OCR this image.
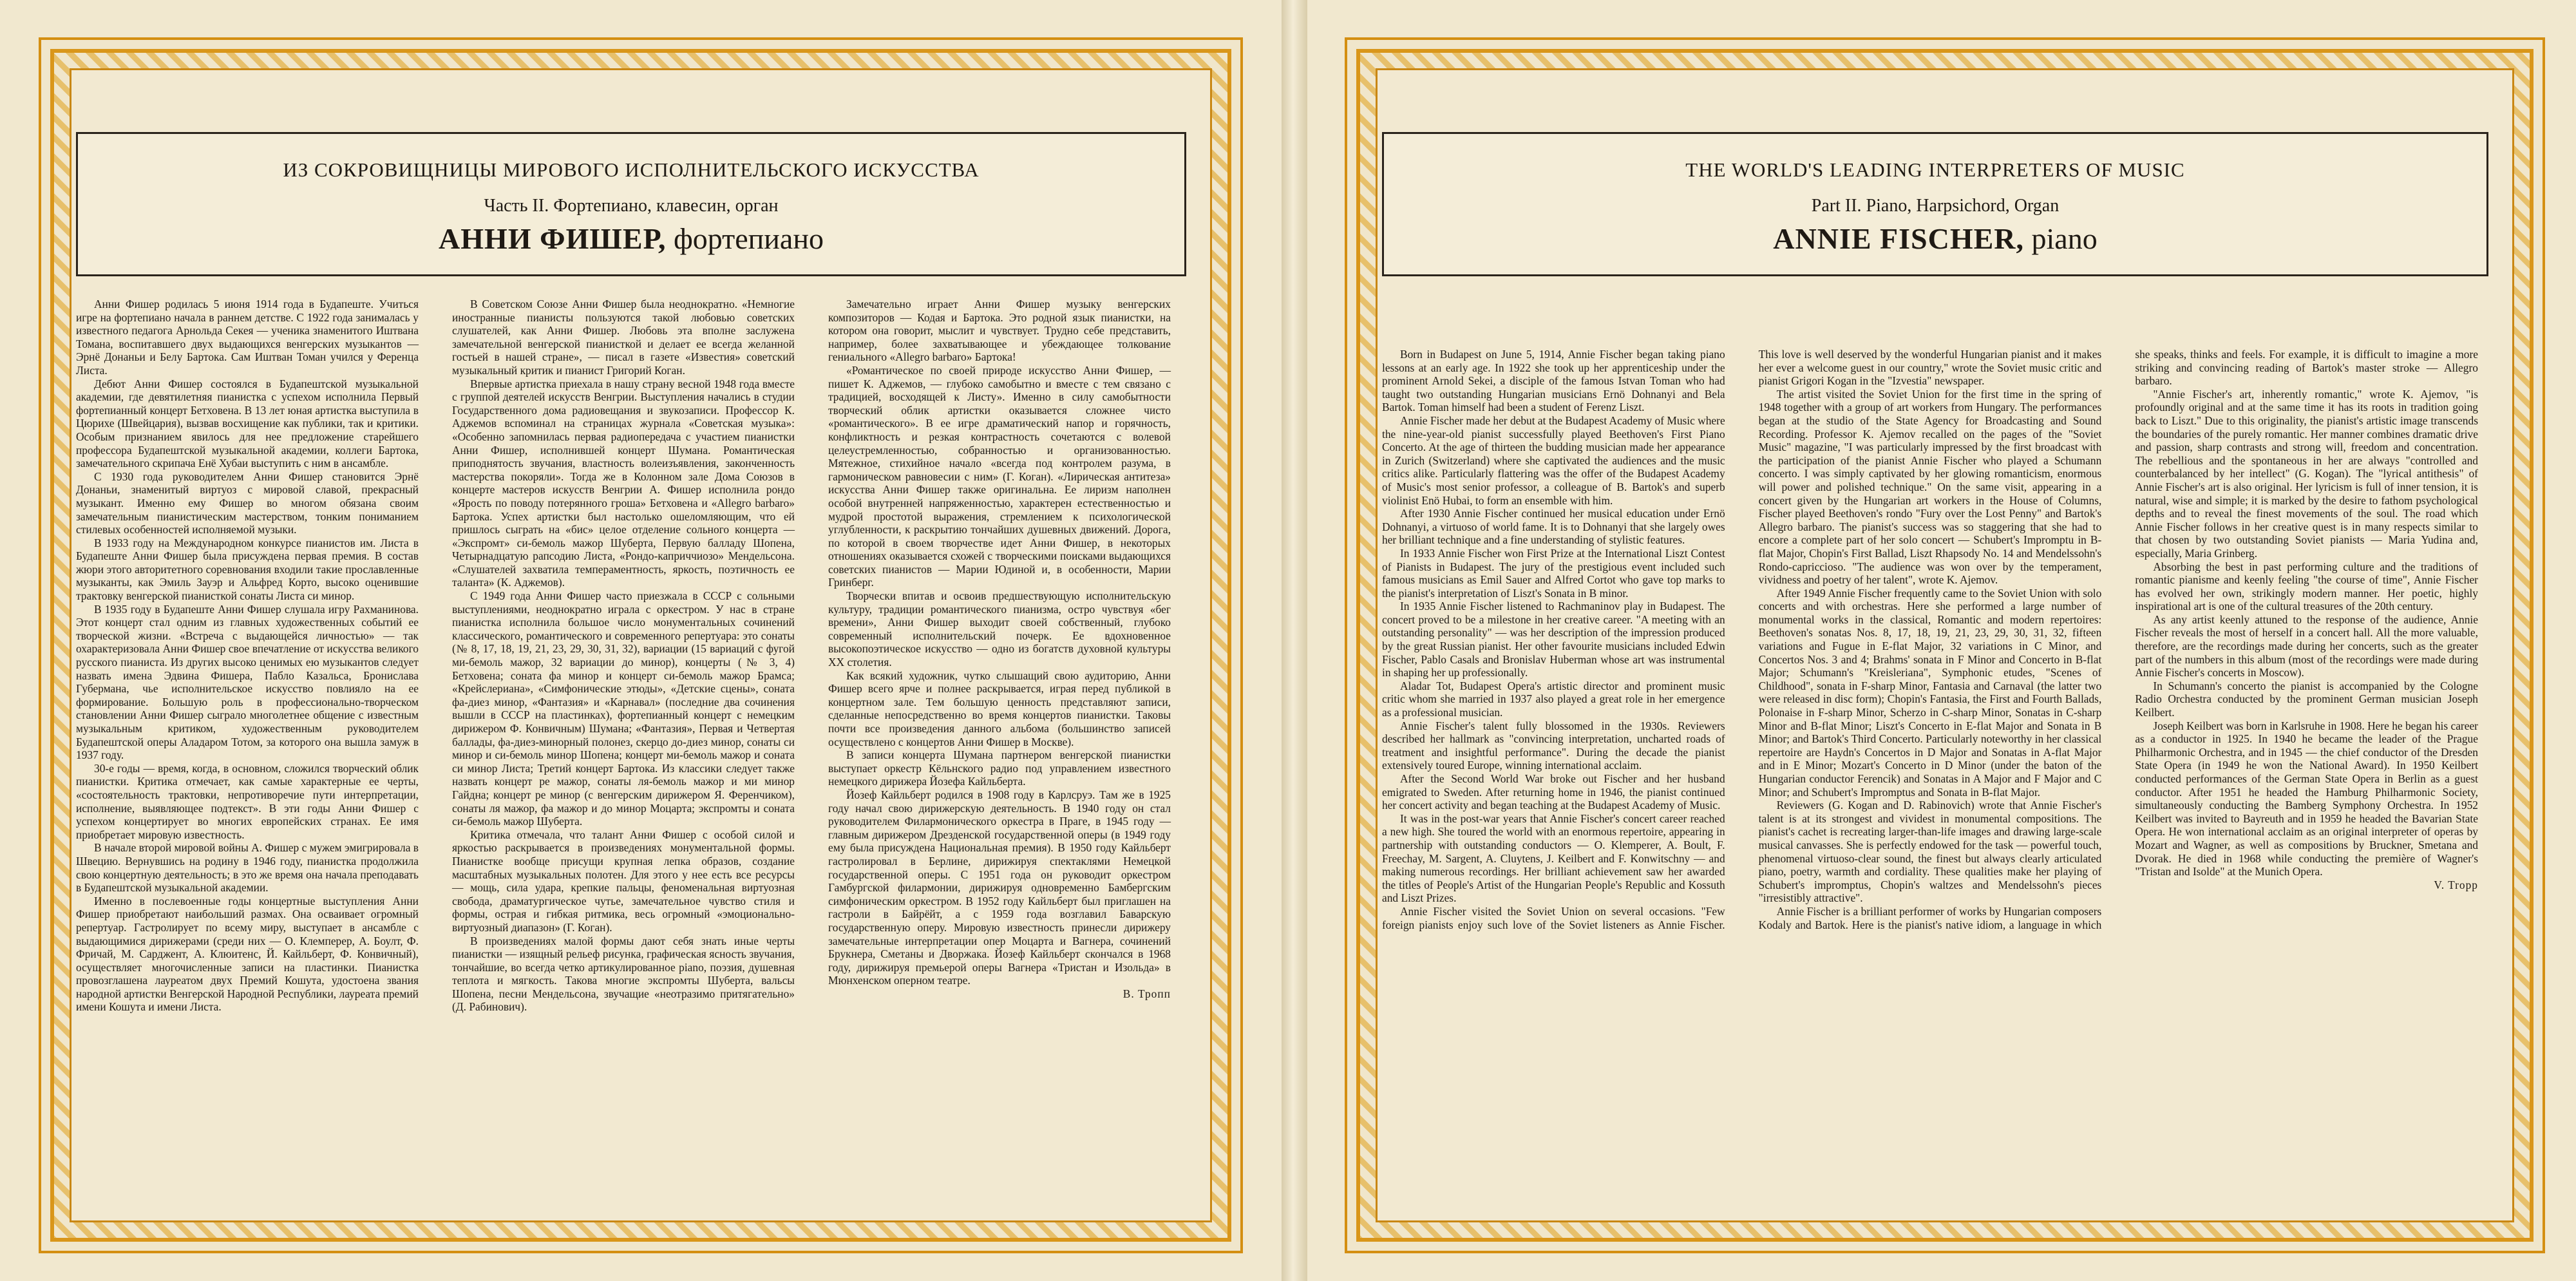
ИЗ СОКРОВИЩНИЦЫ МИРОВОГО ИСПОЛНИТЕЛЬСКОГО ИСКУССТВА
Часть II. Фортепиано, клавесин, орган
АННИ ФИШЕР, фортепиано

Анни Фишер родилась 5 июня 1914 года в Будапеште. Учиться игре на фортепиано начала в раннем детстве. С 1922 года занималась у известного педагога Арнольда Секея — ученика знаменитого Иштвана Томана, воспитавшего двух выдающихся венгерских музыкантов — Эрнё Донаньи и Белу Бартока. Сам Иштван Томан учился у Ференца Листа.

Дебют Анни Фишер состоялся в Будапештской музыкальной академии, где девятилетняя пианистка с успехом исполнила Первый фортепианный концерт Бетховена. В 13 лет юная артистка выступила в Цюрихе (Швейцария), вызвав восхищение как публики, так и критики. Особым признанием явилось для нее предложение старейшего профессора Будапештской музыкальной академии, коллеги Бартока, замечательного скрипача Енё Хубаи выступить с ним в ансамбле.

С 1930 года руководителем Анни Фишер становится Эрнё Донаньи, знаменитый виртуоз с мировой славой, прекрасный музыкант. Именно ему Фишер во многом обязана своим замечательным пианистическим мастерством, тонким пониманием стилевых особенностей исполняемой музыки.

В 1933 году на Международном конкурсе пианистов им. Листа в Будапеште Анни Фишер была присуждена первая премия. В состав жюри этого авторитетного соревнования входили такие прославленные музыканты, как Эмиль Зауэр и Альфред Корто, высоко оценившие трактовку венгерской пианисткой сонаты Листа си минор.

В 1935 году в Будапеште Анни Фишер слушала игру Рахманинова. Этот концерт стал одним из главных художественных событий ее творческой жизни. «Встреча с выдающейся личностью» — так охарактеризовала Анни Фишер свое впечатление от искусства великого русского пианиста. Из других высоко ценимых ею музыкантов следует назвать имена Эдвина Фишера, Пабло Казальса, Бронислава Губермана, чье исполнительское искусство повлияло на ее формирование. Большую роль в профессионально-творческом становлении Анни Фишер сыграло многолетнее общение с известным музыкальным критиком, художественным руководителем Будапештской оперы Аладаром Тотом, за которого она вышла замуж в 1937 году.

30-е годы — время, когда, в основном, сложился творческий облик пианистки. Критика отмечает, как самые характерные ее черты, «состоятельность трактовки, непротиворечие пути интерпретации, исполнение, выявляющее подтекст». В эти годы Анни Фишер с успехом концертирует во многих европейских странах. Ее имя приобретает мировую известность.

В начале второй мировой войны А. Фишер с мужем эмигрировала в Швецию. Вернувшись на родину в 1946 году, пианистка продолжила свою концертную деятельность; в это же время она начала преподавать в Будапештской музыкальной академии.

Именно в послевоенные годы концертные выступления Анни Фишер приобретают наибольший размах. Она осваивает огромный репертуар. Гастролирует по всему миру, выступает в ансамбле с выдающимися дирижерами (среди них — О. Клемперер, А. Боулт, Ф. Фричай, М. Сарджент, А. Клюитенс, Й. Кайльберт, Ф. Конвичный), осуществляет многочисленные записи на пластинки. Пианистка провозглашена лауреатом двух Премий Кошута, удостоена звания народной артистки Венгерской Народной Республики, лауреата премий имени Кошута и имени Листа.

В Советском Союзе Анни Фишер была неоднократно. «Немногие иностранные пианисты пользуются такой любовью советских слушателей, как Анни Фишер. Любовь эта вполне заслужена замечательной венгерской пианисткой и делает ее всегда желанной гостьей в нашей стране», — писал в газете «Известия» советский музыкальный критик и пианист Григорий Коган.

Впервые артистка приехала в нашу страну весной 1948 года вместе с группой деятелей искусств Венгрии. Выступления начались в студии Государственного дома радиовещания и звукозаписи. Профессор К. Аджемов вспоминал на страницах журнала «Советская музыка»: «Особенно запомнилась первая радиопередача с участием пианистки Анни Фишер, исполнившей концерт Шумана. Романтическая приподнятость звучания, властность волеизъявления, законченность мастерства покоряли». Тогда же в Колонном зале Дома Союзов в концерте мастеров искусств Венгрии А. Фишер исполнила рондо «Ярость по поводу потерянного гроша» Бетховена и «Allegro barbaro» Бартока. Успех артистки был настолько ошеломляющим, что ей пришлось сыграть на «бис» целое отделение сольного концерта — «Экспромт» си-бемоль мажор Шуберта, Первую балладу Шопена, Четырнадцатую рапсодию Листа, «Рондо-каприччиозо» Мендельсона. «Слушателей захватила темпераментность, яркость, поэтичность ее таланта» (К. Аджемов).

С 1949 года Анни Фишер часто приезжала в СССР с сольными выступлениями, неоднократно играла с оркестром. У нас в стране пианистка исполнила большое число монументальных сочинений классического, романтического и современного репертуара: это сонаты (№ 8, 17, 18, 19, 21, 23, 29, 30, 31, 32), вариации (15 вариаций с фугой ми-бемоль мажор, 32 вариации до минор), концерты (№ 3, 4) Бетховена; соната фа минор и концерт си-бемоль мажор Брамса; «Крейслериана», «Симфонические этюды», «Детские сцены», соната фа-диез минор, «Фантазия» и «Карнавал» (последние два сочинения вышли в СССР на пластинках), фортепианный концерт с немецким дирижером Ф. Конвичным) Шумана; «Фантазия», Первая и Четвертая баллады, фа-диез-минорный полонез, скерцо до-диез минор, сонаты си минор и си-бемоль минор Шопена; концерт ми-бемоль мажор и соната си минор Листа; Третий концерт Бартока. Из классики следует также назвать концерт ре мажор, сонаты ля-бемоль мажор и ми минор Гайдна; концерт ре минор (с венгерским дирижером Я. Ференчиком), сонаты ля мажор, фа мажор и до минор Моцарта; экспромты и соната си-бемоль мажор Шуберта.

Критика отмечала, что талант Анни Фишер с особой силой и яркостью раскрывается в произведениях монументальной формы. Пианистке вообще присущи крупная лепка образов, создание масштабных музыкальных полотен. Для этого у нее есть все ресурсы — мощь, сила удара, крепкие пальцы, феноменальная виртуозная свобода, драматургическое чутье, замечательное чувство стиля и формы, острая и гибкая ритмика, весь огромный «эмоционально-виртуозный диапазон» (Г. Коган).

В произведениях малой формы дают себя знать иные черты пианистки — изящный рельеф рисунка, графическая ясность звучания, тончайшие, во всегда четко артикулированное piano, поэзия, душевная теплота и мягкость. Такова многие экспромты Шуберта, вальсы Шопена, песни Мендельсона, звучащие «неотразимо притягательно» (Д. Рабинович).

Замечательно играет Анни Фишер музыку венгерских композиторов — Кодая и Бартока. Это родной язык пианистки, на котором она говорит, мыслит и чувствует. Трудно себе представить, например, более захватывающее и убеждающее толкование гениального «Allegro barbaro» Бартока!

«Романтическое по своей природе искусство Анни Фишер, — пишет К. Аджемов, — глубоко самобытно и вместе с тем связано с традицией, восходящей к Листу». Именно в силу самобытности творческий облик артистки оказывается сложнее чисто «романтического». В ее игре драматический напор и горячность, конфликтность и резкая контрастность сочетаются с волевой целеустремленностью, собранностью и организованностью. Мятежное, стихийное начало «всегда под контролем разума, в гармоническом равновесии с ним» (Г. Коган). «Лирическая антитеза» искусства Анни Фишер также оригинальна. Ее лиризм наполнен особой внутренней напряженностью, характерен естественностью и мудрой простотой выражения, стремлением к психологической углубленности, к раскрытию тончайших душевных движений. Дорога, по которой в своем творчестве идет Анни Фишер, в некоторых отношениях оказывается схожей с творческими поисками выдающихся советских пианистов — Марии Юдиной и, в особенности, Марии Гринберг.

Творчески впитав и освоив предшествующую исполнительскую культуру, традиции романтического пианизма, остро чувствуя «бег времени», Анни Фишер выходит своей собственный, глубоко современный исполнительский почерк. Ее вдохновенное высокопоэтическое искусство — одно из богатств духовной культуры XX столетия.

Как всякий художник, чутко слышащий свою аудиторию, Анни Фишер всего ярче и полнее раскрывается, играя перед публикой в концертном зале. Тем большую ценность представляют записи, сделанные непосредственно во время концертов пианистки. Таковы почти все произведения данного альбома (большинство записей осуществлено с концертов Анни Фишер в Москве).

В записи концерта Шумана партнером венгерской пианистки выступает оркестр Кёльнского радио под управлением известного немецкого дирижера Йозефа Кайльберта.

Йозеф Кайльберт родился в 1908 году в Карлсруэ. Там же в 1925 году начал свою дирижерскую деятельность. В 1940 году он стал руководителем Филармонического оркестра в Праге, в 1945 году — главным дирижером Дрезденской государственной оперы (в 1949 году ему была присуждена Национальная премия). В 1950 году Кайльберт гастролировал в Берлине, дирижируя спектаклями Немецкой государственной оперы. С 1951 года он руководит оркестром Гамбургской филармонии, дирижируя одновременно Бамбергским симфоническим оркестром. В 1952 году Кайльберт был приглашен на гастроли в Байрёйт, а с 1959 года возглавил Баварскую государственную оперу. Мировую известность принесли дирижеру замечательные интерпретации опер Моцарта и Вагнера, сочинений Брукнера, Сметаны и Дворжака. Йозеф Кайльберт скончался в 1968 году, дирижируя премьерой оперы Вагнера «Тристан и Изольда» в Мюнхенском оперном театре.

В. Тропп

THE WORLD'S LEADING INTERPRETERS OF MUSIC
Part II. Piano, Harpsichord, Organ
ANNIE FISCHER, piano

Born in Budapest on June 5, 1914, Annie Fischer began taking piano lessons at an early age. In 1922 she took up her apprenticeship under the prominent Arnold Sekei, a disciple of the famous Istvan Toman who had taught two outstanding Hungarian musicians Ernö Dohnanyi and Bela Bartok. Toman himself had been a student of Ferenz Liszt.

Annie Fischer made her debut at the Budapest Academy of Music where the nine-year-old pianist successfully played Beethoven's First Piano Concerto. At the age of thirteen the budding musician made her appearance in Zurich (Switzerland) where she captivated the audiences and the music critics alike. Particularly flattering was the offer of the Budapest Academy of Music's most senior professor, a colleague of B. Bartok's and superb violinist Enö Hubai, to form an ensemble with him.

After 1930 Annie Fischer continued her musical education under Ernö Dohnanyi, a virtuoso of world fame. It is to Dohnanyi that she largely owes her brilliant technique and a fine understanding of stylistic features.

In 1933 Annie Fischer won First Prize at the International Liszt Contest of Pianists in Budapest. The jury of the prestigious event included such famous musicians as Emil Sauer and Alfred Cortot who gave top marks to the pianist's interpretation of Liszt's Sonata in B minor.

In 1935 Annie Fischer listened to Rachmaninov play in Budapest. The concert proved to be a milestone in her creative career. "A meeting with an outstanding personality" — was her description of the impression produced by the great Russian pianist. Her other favourite musicians included Edwin Fischer, Pablo Casals and Bronislav Huberman whose art was instrumental in shaping her up professionally.

Aladar Tot, Budapest Opera's artistic director and prominent music critic whom she married in 1937 also played a great role in her emergence as a professional musician.

Annie Fischer's talent fully blossomed in the 1930s. Reviewers described her hallmark as "convincing interpretation, uncharted roads of treatment and insightful performance". During the decade the pianist extensively toured Europe, winning international acclaim.

After the Second World War broke out Fischer and her husband emigrated to Sweden. After returning home in 1946, the pianist continued her concert activity and began teaching at the Budapest Academy of Music.

It was in the post-war years that Annie Fischer's concert career reached a new high. She toured the world with an enormous repertoire, appearing in partnership with outstanding conductors — O. Klemperer, A. Boult, F. Freechay, M. Sargent, A. Cluytens, J. Keilbert and F. Konwitschny — and making numerous recordings. Her brilliant achievement saw her awarded the titles of People's Artist of the Hungarian People's Republic and Kossuth and Liszt Prizes.

Annie Fischer visited the Soviet Union on several occasions. "Few foreign pianists enjoy such love of the Soviet listeners as Annie Fischer. This love is well deserved by the wonderful Hungarian pianist and it makes her ever a welcome guest in our country," wrote the Soviet music critic and pianist Grigori Kogan in the "Izvestia" newspaper.

The artist visited the Soviet Union for the first time in the spring of 1948 together with a group of art workers from Hungary. The performances began at the studio of the State Agency for Broadcasting and Sound Recording. Professor K. Ajemov recalled on the pages of the "Soviet Music" magazine, "I was particularly impressed by the first broadcast with the participation of the pianist Annie Fischer who played a Schumann concerto. I was simply captivated by her glowing romanticism, enormous will power and polished technique." On the same visit, appearing in a concert given by the Hungarian art workers in the House of Columns, Fischer played Beethoven's rondo "Fury over the Lost Penny" and Bartok's Allegro barbaro. The pianist's success was so staggering that she had to encore a complete part of her solo concert — Schubert's Impromptu in B-flat Major, Chopin's First Ballad, Liszt Rhapsody No. 14 and Mendelssohn's Rondo-capriccioso. "The audience was won over by the temperament, vividness and poetry of her talent", wrote K. Ajemov.

After 1949 Annie Fischer frequently came to the Soviet Union with solo concerts and with orchestras. Here she performed a large number of monumental works in the classical, Romantic and modern repertoires: Beethoven's sonatas Nos. 8, 17, 18, 19, 21, 23, 29, 30, 31, 32, fifteen variations and Fugue in E-flat Major, 32 variations in C Minor, and Concertos Nos. 3 and 4; Brahms' sonata in F Minor and Concerto in B-flat Major; Schumann's "Kreisleriana", Symphonic etudes, "Scenes of Childhood", sonata in F-sharp Minor, Fantasia and Carnaval (the latter two were released in disc form); Chopin's Fantasia, the First and Fourth Ballads, Polonaise in F-sharp Minor, Scherzo in C-sharp Minor, Sonatas in C-sharp Minor and B-flat Minor; Liszt's Concerto in E-flat Major and Sonata in B Minor; and Bartok's Third Concerto. Particularly noteworthy in her classical repertoire are Haydn's Concertos in D Major and Sonatas in A-flat Major and in E Minor; Mozart's Concerto in D Minor (under the baton of the Hungarian conductor Ferencik) and Sonatas in A Major and F Major and C Minor; and Schubert's Impromptus and Sonata in B-flat Major.

Reviewers (G. Kogan and D. Rabinovich) wrote that Annie Fischer's talent is at its strongest and vividest in monumental compositions. The pianist's cachet is recreating larger-than-life images and drawing large-scale musical canvasses. She is perfectly endowed for the task — powerful touch, phenomenal virtuoso-clear sound, the finest but always clearly articulated piano, poetry, warmth and cordiality. These qualities make her playing of Schubert's impromptus, Chopin's waltzes and Mendelssohn's pieces "irresistibly attractive".

Annie Fischer is a brilliant performer of works by Hungarian composers Kodaly and Bartok. Here is the pianist's native idiom, a language in which she speaks, thinks and feels. For example, it is difficult to imagine a more striking and convincing reading of Bartok's master stroke — Allegro barbaro.

"Annie Fischer's art, inherently romantic," wrote K. Ajemov, "is profoundly original and at the same time it has its roots in tradition going back to Liszt." Due to this originality, the pianist's artistic image transcends the boundaries of the purely romantic. Her manner combines dramatic drive and passion, sharp contrasts and strong will, freedom and concentration. The rebellious and the spontaneous in her are always "controlled and counterbalanced by her intellect" (G. Kogan). The "lyrical antithesis" of Annie Fischer's art is also original. Her lyricism is full of inner tension, it is natural, wise and simple; it is marked by the desire to fathom psychological depths and to reveal the finest movements of the soul. The road which Annie Fischer follows in her creative quest is in many respects similar to that chosen by two outstanding Soviet pianists — Maria Yudina and, especially, Maria Grinberg.

Absorbing the best in past performing culture and the traditions of romantic pianisme and keenly feeling "the course of time", Annie Fischer has evolved her own, strikingly modern manner. Her poetic, highly inspirational art is one of the cultural treasures of the 20th century.

As any artist keenly attuned to the response of the audience, Annie Fischer reveals the most of herself in a concert hall. All the more valuable, therefore, are the recordings made during her concerts, such as the greater part of the numbers in this album (most of the recordings were made during Annie Fischer's concerts in Moscow).

In Schumann's concerto the pianist is accompanied by the Cologne Radio Orchestra conducted by the prominent German musician Joseph Keilbert.

Joseph Keilbert was born in Karlsruhe in 1908. Here he began his career as a conductor in 1925. In 1940 he became the leader of the Prague Philharmonic Orchestra, and in 1945 — the chief conductor of the Dresden State Opera (in 1949 he won the National Award). In 1950 Keilbert conducted performances of the German State Opera in Berlin as a guest conductor. After 1951 he headed the Hamburg Philharmonic Society, simultaneously conducting the Bamberg Symphony Orchestra. In 1952 Keilbert was invited to Bayreuth and in 1959 he headed the Bavarian State Opera. He won international acclaim as an original interpreter of operas by Mozart and Wagner, as well as compositions by Bruckner, Smetana and Dvorak. He died in 1968 while conducting the première of Wagner's "Tristan and Isolde" at the Munich Opera.

V. Tropp
